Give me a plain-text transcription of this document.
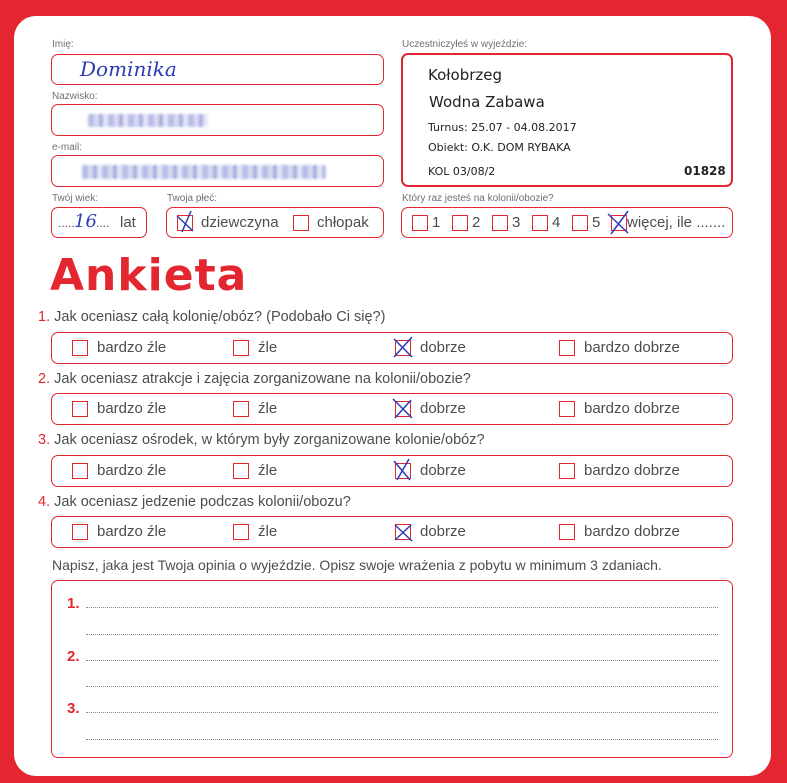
Imię:
Dominika
Nazwisko:
e-mail:
Twój wiek:
......
16 .... lat
Twoja płeć:
dziewczyna	chłopak
Uczestniczyłeś w wyjeździe:
Kołobrzeg
Wodna Zabawa
Turnus: 25.07 - 04.08.2017
Obiekt: O.K. DOM RYBAKA
KOL 03/08/2	01828
Który raz jesteś na kolonii/obozie?
1 2 3 4 5 więcej, ile .......
Ankieta
1. Jak oceniasz całą kolonię/obóz? (Podobało Ci się?)
bardzo źle	źle	dobrze	bardzo dobrze
2. Jak oceniasz atrakcje i zajęcia zorganizowane na kolonii/obozie?
bardzo źle	źle	dobrze	bardzo dobrze
3. Jak oceniasz ośrodek, w którym były zorganizowane kolonie/obóz?
bardzo źle	źle	dobrze	bardzo dobrze
4. Jak oceniasz jedzenie podczas kolonii/obozu?
bardzo źle	źle	dobrze	bardzo dobrze
Napisz, jaka jest Twoja opinia o wyjeździe. Opisz swoje wrażenia z pobytu w minimum 3 zdaniach.
1.
2.
3.
